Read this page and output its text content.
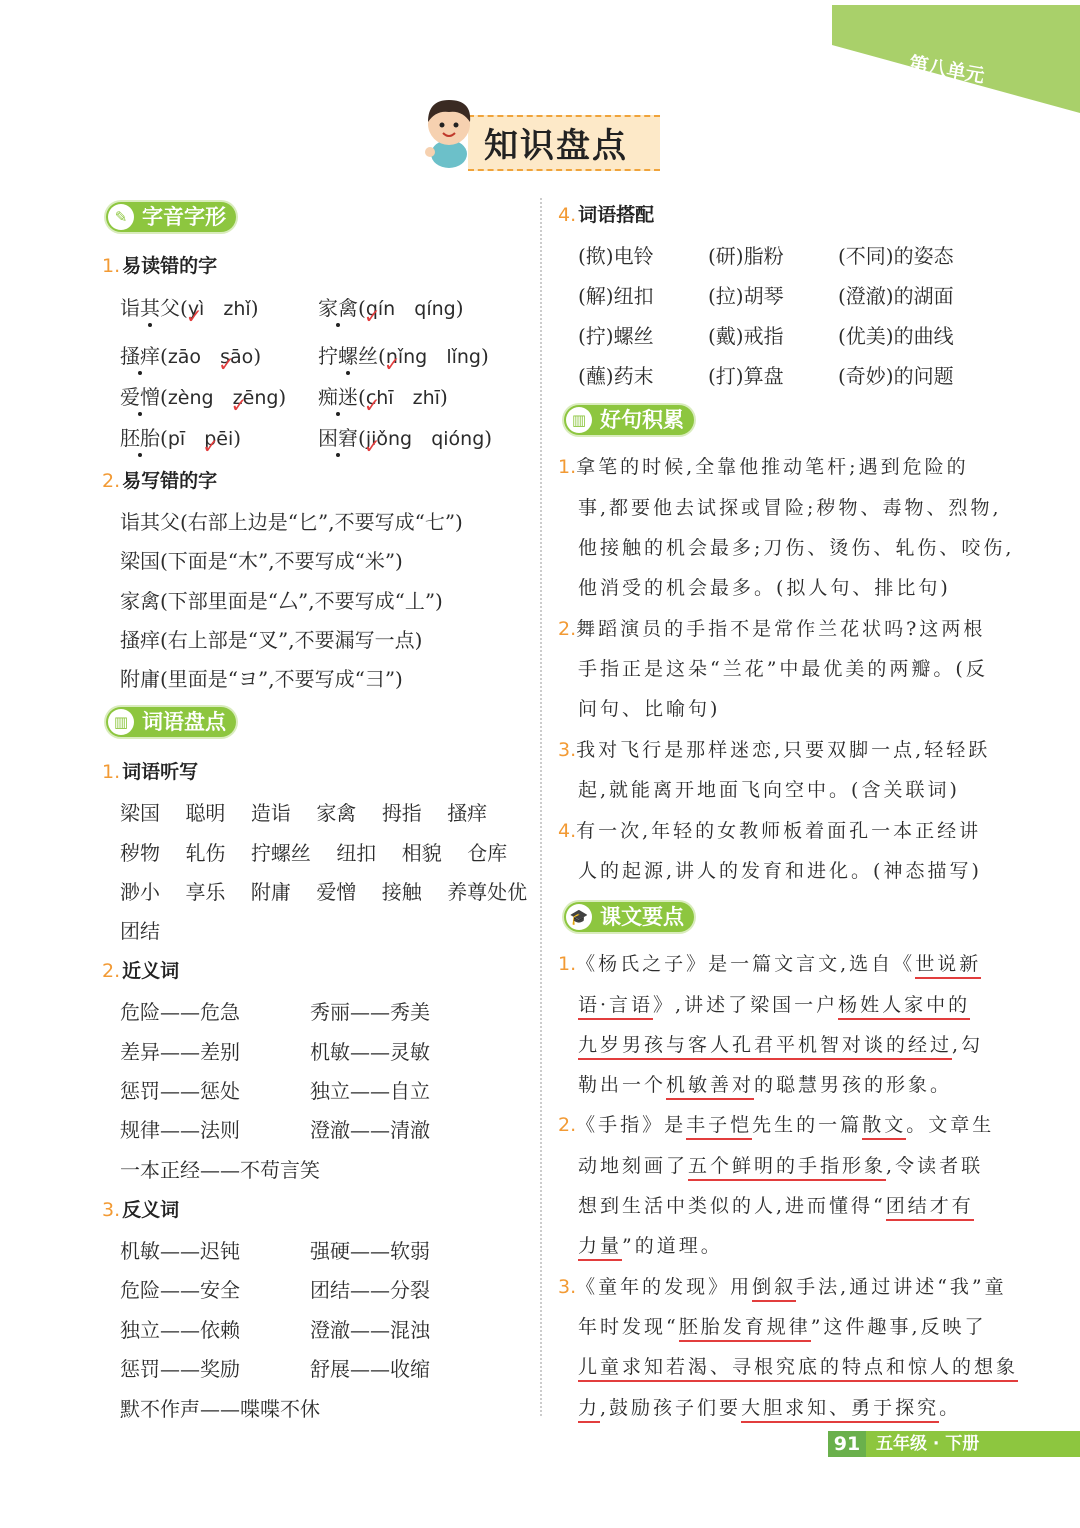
第八单元
知识盘点
✎ 字音字形
1. 易读错的字
诣其父(yì ✓ zhǐ)	家禽(qín ✓ qíng)
搔痒(zāo sāo ✓)	拧螺丝(nǐng ✓ lǐng)
爱憎(zèng zēng ✓) 痴迷(chī ✓ zhī)
胚胎(pī pēi ✓)	困窘(jiǒng ✓ qióng)
2. 易写错的字
诣其父(右部上边是“匕”,不要写成“七”)
梁国(下面是“木”,不要写成“米”)
家禽(下部里面是“厶”,不要写成“丄”)
搔痒(右上部是“叉”,不要漏写一点)
附庸(里面是“ヨ”,不要写成“彐”)
▥ 词语盘点
1. 词语听写
梁国 聪明 造诣 家禽 拇指 搔痒
秽物 轧伤 拧螺丝 纽扣 相貌 仓库
渺小 享乐 附庸 爱憎 接触 养尊处优
团结
2. 近义词
危险——危急	秀丽——秀美
差异——差别	机敏——灵敏
惩罚——惩处	独立——自立
规律——法则	澄澈——清澈
一本正经——不苟言笑
3. 反义词
机敏——迟钝	强硬——软弱
危险——安全	团结——分裂
独立——依赖	澄澈——混浊
惩罚——奖励	舒展——收缩
默不作声——喋喋不休
4. 词语搭配
(揿)电铃	(研)脂粉	(不同)的姿态
(解)纽扣	(拉)胡琴	(澄澈)的湖面
(拧)螺丝	(戴)戒指	(优美)的曲线
(蘸)药末	(打)算盘	(奇妙)的问题
▥ 好句积累
1.拿笔的时候,全靠他推动笔杆;遇到危险的
事,都要他去试探或冒险;秽物、毒物、烈物,
他接触的机会最多;刀伤、烫伤、轧伤、咬伤,
他消受的机会最多。(拟人句、排比句)
2.舞蹈演员的手指不是常作兰花状吗?这两根
手指正是这朵“兰花”中最优美的两瓣。(反
问句、比喻句)
3.我对飞行是那样迷恋,只要双脚一点,轻轻跃
起,就能离开地面飞向空中。(含关联词)
4.有一次,年轻的女教师板着面孔一本正经讲
人的起源,讲人的发育和进化。(神态描写)
🎓 课文要点
1.《杨氏之子》是一篇文言文,选自《世说新
语·言语》,讲述了梁国一户杨姓人家中的
九岁男孩与客人孔君平机智对谈的经过,勾
勒出一个机敏善对的聪慧男孩的形象。
2.《手指》是丰子恺先生的一篇散文。文章生
动地刻画了五个鲜明的手指形象,令读者联
想到生活中类似的人,进而懂得“团结才有
力量”的道理。
3.《童年的发现》用倒叙手法,通过讲述“我”童
年时发现“胚胎发育规律”这件趣事,反映了
儿童求知若渴、寻根究底的特点和惊人的想象
力,鼓励孩子们要大胆求知、勇于探究。
91 五年级 · 下册
